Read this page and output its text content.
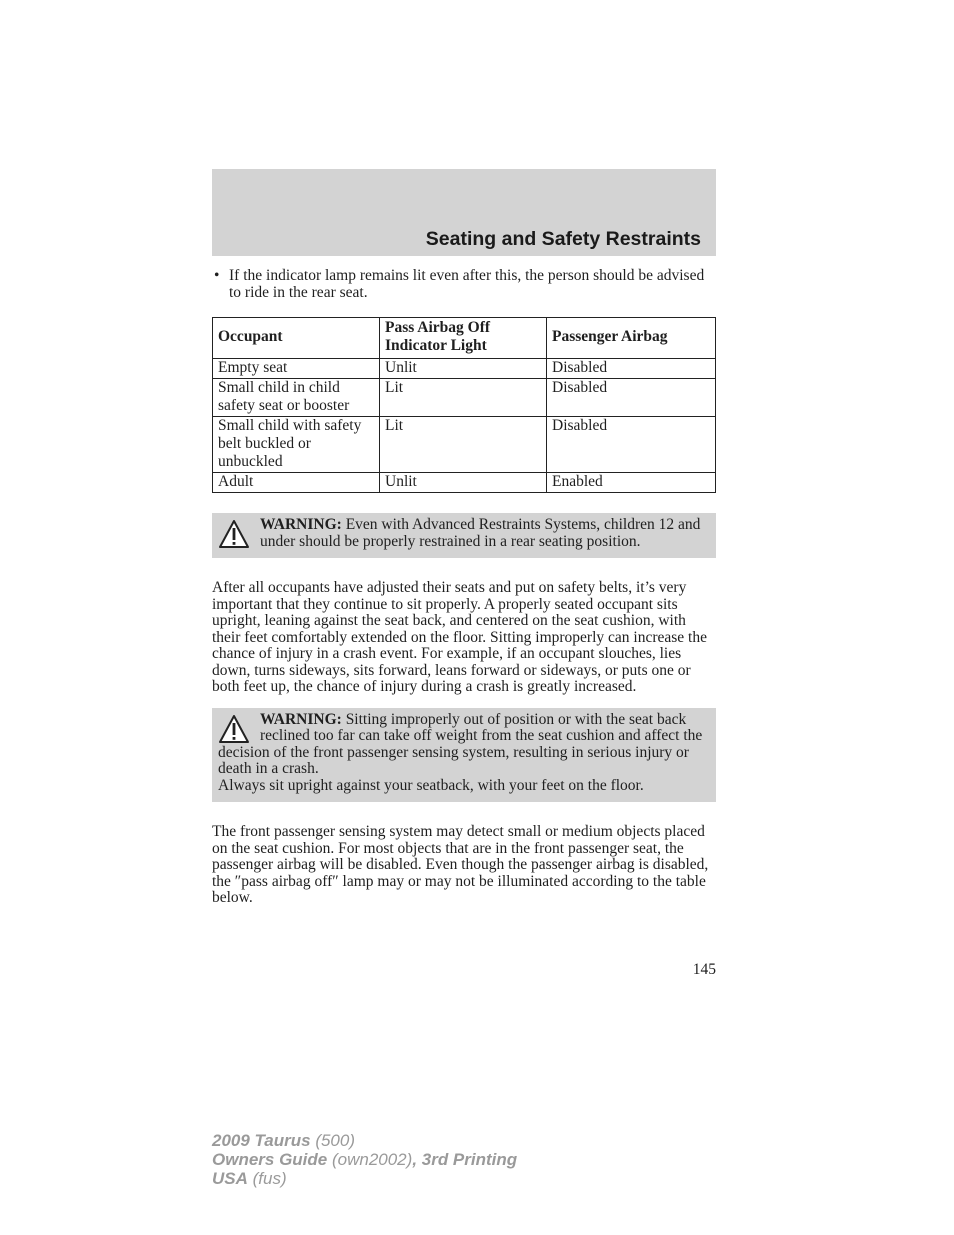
Seating and Safety Restraints

• If the indicator lamp remains lit even after this, the person should be advised to ride in the rear seat.

Occupant	Pass Airbag Off Indicator Light	Passenger Airbag
Empty seat	Unlit	Disabled
Small child in child safety seat or booster	Lit	Disabled
Small child with safety belt buckled or unbuckled	Lit	Disabled
Adult	Unlit	Enabled
WARNING: Even with Advanced Restraints Systems, children 12 and under should be properly restrained in a rear seating position.

After all occupants have adjusted their seats and put on safety belts, it’s very important that they continue to sit properly. A properly seated occupant sits upright, leaning against the seat back, and centered on the seat cushion, with their feet comfortably extended on the floor. Sitting improperly can increase the chance of injury in a crash event. For example, if an occupant slouches, lies down, turns sideways, sits forward, leans forward or sideways, or puts one or both feet up, the chance of injury during a crash is greatly increased.

WARNING: Sitting improperly out of position or with the seat back reclined too far can take off weight from the seat cushion and affect the decision of the front passenger sensing system, resulting in serious injury or death in a crash.
Always sit upright against your seatback, with your feet on the floor.

The front passenger sensing system may detect small or medium objects placed on the seat cushion. For most objects that are in the front passenger seat, the passenger airbag will be disabled. Even though the passenger airbag is disabled, the ″pass airbag off″ lamp may or may not be illuminated according to the table below.

145
2009 Taurus (500)
Owners Guide (own2002), 3rd Printing
USA (fus)
